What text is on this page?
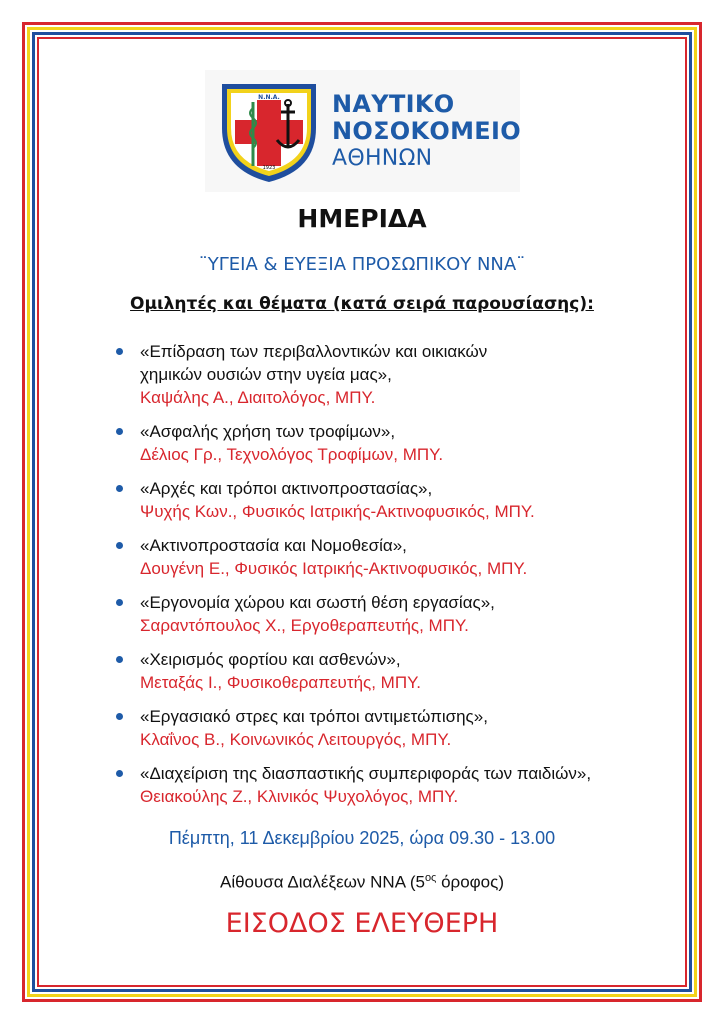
N.N.A.
1923
ΝΑΥΤΙΚΟ
ΝΟΣΟΚΟΜΕΙΟ
ΑΘΗΝΩΝ
ΗΜΕΡΙΔΑ
¨ΥΓΕΙΑ & ΕΥΕΞΙΑ ΠΡΟΣΩΠΙΚΟΥ ΝΝΑ¨
Ομιλητές και θέματα (κατά σειρά παρουσίασης):
«Επίδραση των περιβαλλοντικών και οικιακών
χημικών ουσιών στην υγεία μας»,
Καψάλης Α., Διαιτολόγος, ΜΠΥ.
«Ασφαλής χρήση των τροφίμων»,
Δέλιος Γρ., Τεχνολόγος Τροφίμων, ΜΠΥ.
«Αρχές και τρόποι ακτινοπροστασίας»,
Ψυχής Κων., Φυσικός Ιατρικής-Ακτινοφυσικός, ΜΠΥ.
«Ακτινοπροστασία και Νομοθεσία»,
Δουγένη Ε., Φυσικός Ιατρικής-Ακτινοφυσικός, ΜΠΥ.
«Εργονομία χώρου και σωστή θέση εργασίας»,
Σαραντόπουλος Χ., Εργοθεραπευτής, ΜΠΥ.
«Χειρισμός φορτίου και ασθενών»,
Μεταξάς Ι., Φυσικοθεραπευτής, ΜΠΥ.
«Εργασιακό στρες και τρόποι αντιμετώπισης»,
Κλαΐνος Β., Κοινωνικός Λειτουργός, ΜΠΥ.
«Διαχείριση της διασπαστικής συμπεριφοράς των παιδιών»,
Θειακούλης Ζ., Κλινικός Ψυχολόγος, ΜΠΥ.
Πέμπτη, 11 Δεκεμβρίου 2025, ώρα 09.30 - 13.00
Αίθουσα Διαλέξεων ΝΝΑ ($5^{o\varsigma}$ όροφος)
ΕΙΣΟΔΟΣ ΕΛΕΥΘΕΡΗ
